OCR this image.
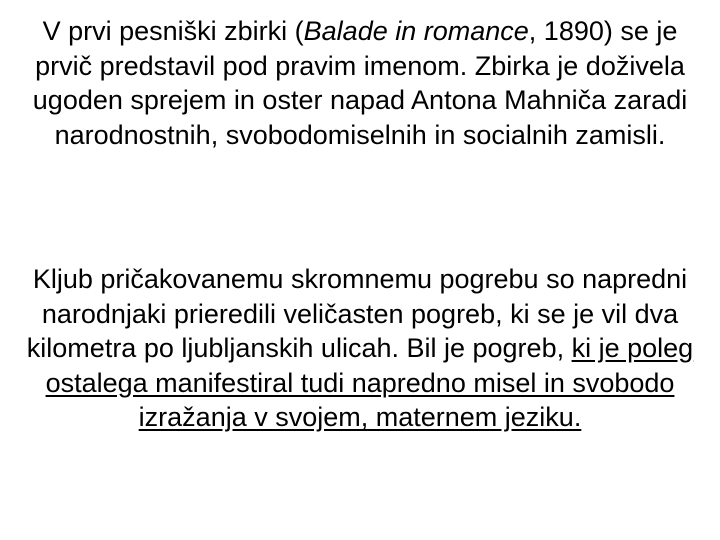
V prvi pesniški zbirki (Balade in romance, 1890) se je prvič predstavil pod pravim imenom. Zbirka je doživela ugoden sprejem in oster napad Antona Mahniča zaradi narodnostnih, svobodomiselnih in socialnih zamisli.

Kljub pričakovanemu skromnemu pogrebu so napredni narodnjaki prieredili veličasten pogreb, ki se je vil dva kilometra po ljubljanskih ulicah. Bil je pogreb, ki je poleg ostalega manifestiral tudi napredno misel in svobodo izražanja v svojem, maternem jeziku.
